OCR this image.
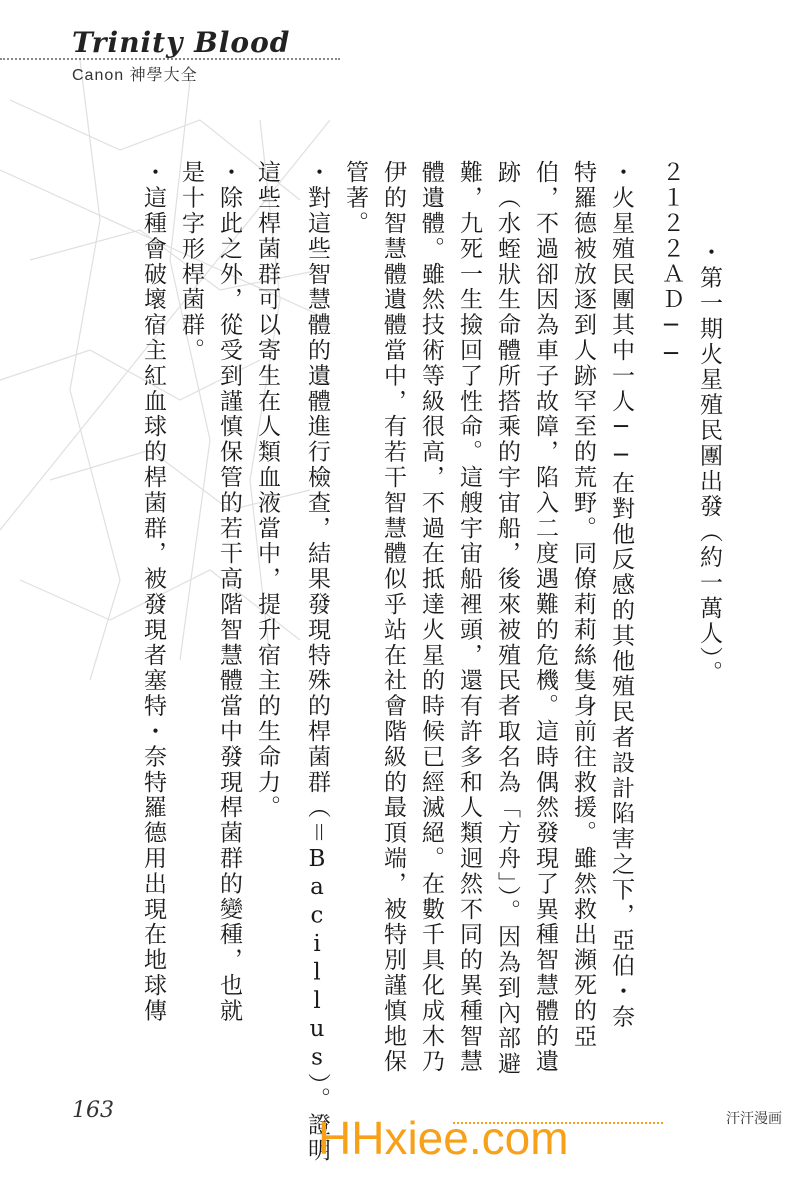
Trinity Blood
Canon 神學大全
・第一期火星殖民團出發（約一萬人）。
２１２２ＡＤ──
・火星殖民團其中一人──在對他反感的其他殖民者設計陷害之下，亞伯・奈
特羅德被放逐到人跡罕至的荒野。同僚莉莉絲隻身前往救援。雖然救出瀕死的亞
伯，不過卻因為車子故障，陷入二度遇難的危機。這時偶然發現了異種智慧體的遺
跡（水蛭狀生命體所搭乘的宇宙船，後來被殖民者取名為「方舟」）。因為到內部避
難，九死一生撿回了性命。這艘宇宙船裡頭，還有許多和人類迥然不同的異種智慧
體遺體。雖然技術等級很高，不過在抵達火星的時候已經滅絕。在數千具化成木乃
伊的智慧體遺體當中，有若干智慧體似乎站在社會階級的最頂端，被特別謹慎地保
管著。
・對這些智慧體的遺體進行檢查，結果發現特殊的桿菌群（＝Bacillus）。證明
這些桿菌群可以寄生在人類血液當中，提升宿主的生命力。
・除此之外，從受到謹慎保管的若干高階智慧體當中發現桿菌群的變種，也就
是十字形桿菌群。
・這種會破壞宿主紅血球的桿菌群，被發現者塞特・奈特羅德用出現在地球傳
163
HHxiee.com	汗汗漫画
